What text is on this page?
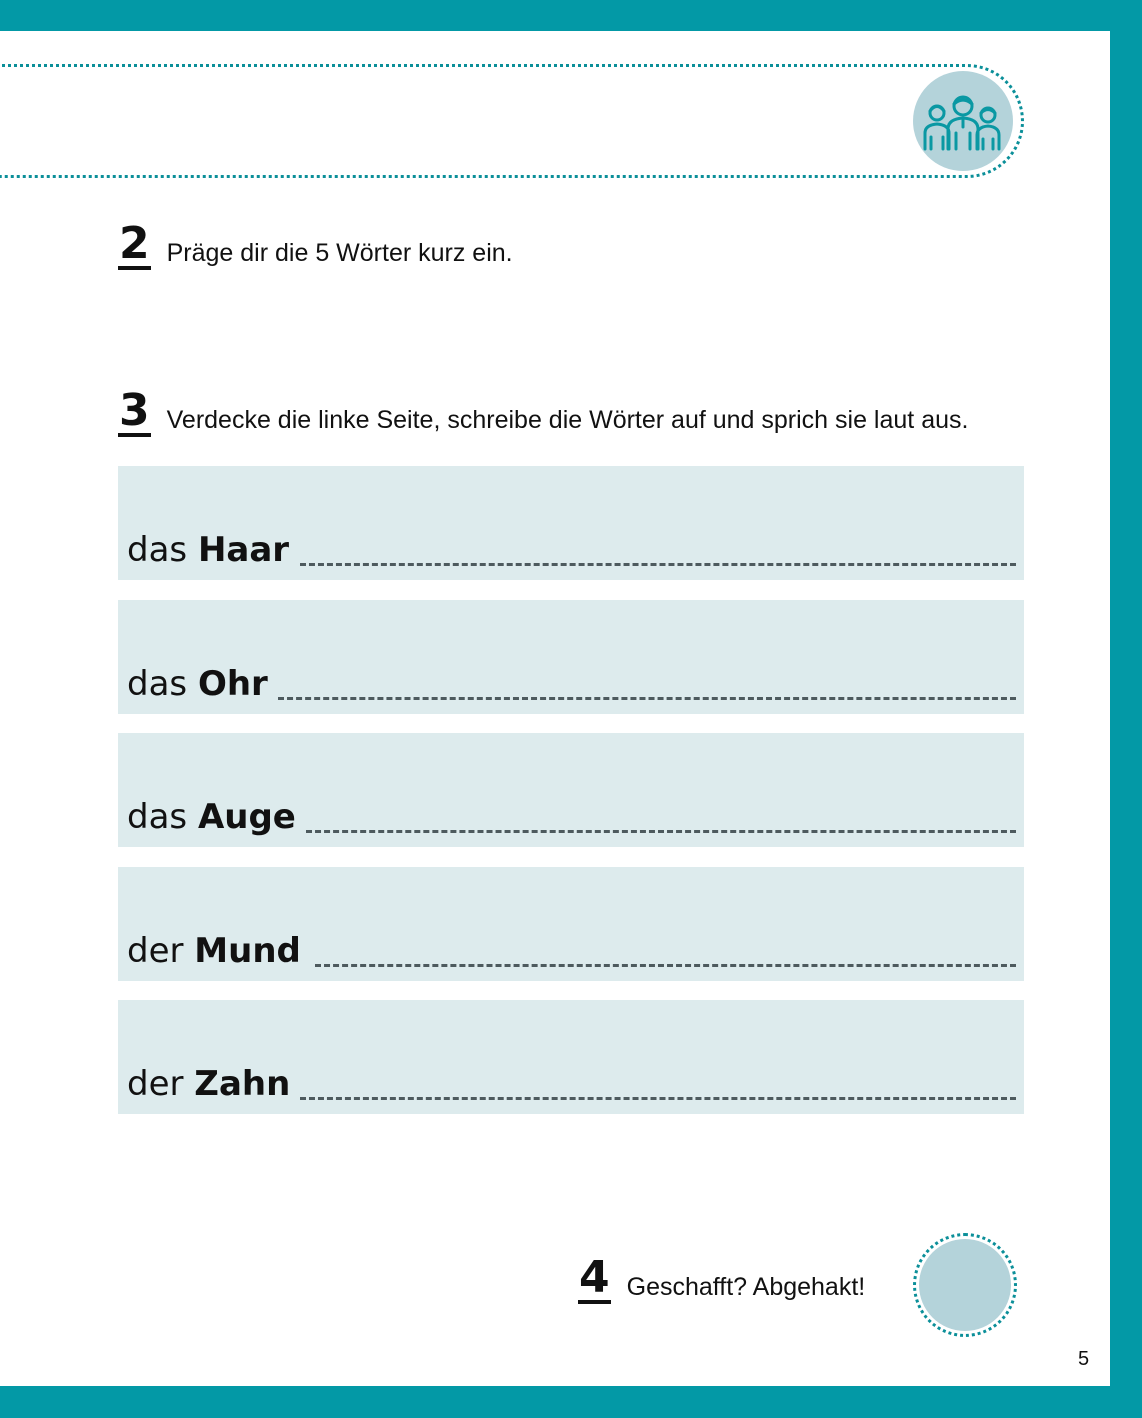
2 Präge dir die 5 Wörter kurz ein.
3 Verdecke die linke Seite, schreibe die Wörter auf und sprich sie laut aus.
das Haar
das Ohr
das Auge
der Mund
der Zahn
4 Geschafft? Abgehakt!
5
